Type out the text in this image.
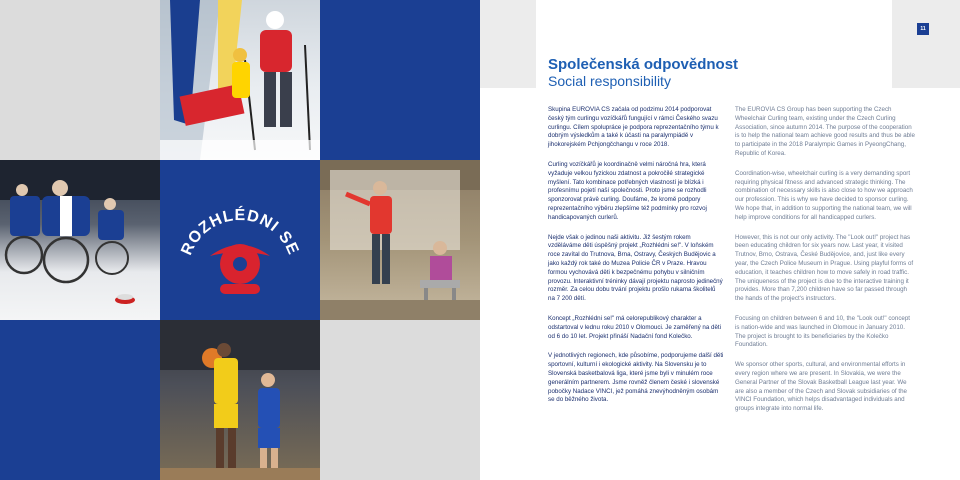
ROZHLÉDNI SE
11
Společenská odpovědnost
Social responsibility

Skupina EUROVIA CS začala od podzimu 2014 podporovat český tým curlingu vozíčkářů fungující v rámci Českého svazu curlingu. Cílem spolupráce je podpora reprezentačního týmu k dobrým výsledkům a také k účasti na paralympiádě v jihokorejském Pchjongčchangu v roce 2018.

Curling vozíčkářů je koordinačně velmi náročná hra, která vyžaduje velkou fyzickou zdatnost a pokročilé strategické myšlení. Tato kombinace potřebných vlastností je blízká i profesnímu pojetí naší společnosti. Proto jsme se rozhodli sponzorovat právě curling. Doufáme, že kromě podpory reprezentačního výběru zlepšíme též podmínky pro rozvoj handicapovaných curlerů.

Nejde však o jedinou naši aktivitu. Již šestým rokem vzděláváme děti úspěšný projekt „Rozhlédni se!". V loňském roce zavítal do Trutnova, Brna, Ostravy, Českých Budějovic a jako každý rok také do Muzea Policie ČR v Praze. Hravou formou vychovává děti k bezpečnému pohybu v silničním provozu. Interaktivní tréninky dávají projektu naprosto jedinečný rozměr. Za celou dobu trvání projektu prošlo rukama školitelů na 7 200 dětí.

Koncept „Rozhlédni se!" má celorepublikový charakter a odstartoval v lednu roku 2010 v Olomouci. Je zaměřený na děti od 6 do 10 let. Projekt přináší Nadační fond Kolečko.

V jednotlivých regionech, kde působíme, podporujeme další děti sportovní, kulturní i ekologické aktivity. Na Slovensku je to Slovenská basketbalová liga, které jsme byli v minulém roce generálním partnerem. Jsme rovněž členem české i slovenské pobočky Nadace VINCI, jež pomáhá znevýhodněným osobám se do běžného života.

The EUROVIA CS Group has been supporting the Czech Wheelchair Curling team, existing under the Czech Curling Association, since autumn 2014. The purpose of the cooperation is to help the national team achieve good results and thus be able to participate in the 2018 Paralympic Games in PyeongChang, Republic of Korea.

Coordination-wise, wheelchair curling is a very demanding sport requiring physical fitness and advanced strategic thinking. The combination of necessary skills is also close to how we approach our profession. This is why we have decided to sponsor curling. We hope that, in addition to supporting the national team, we will help improve conditions for all handicapped curlers.

However, this is not our only activity. The "Look out!" project has been educating children for six years now. Last year, it visited Trutnov, Brno, Ostrava, České Budějovice, and, just like every year, the Czech Police Museum in Prague. Using playful forms of education, it teaches children how to move safely in road traffic. The uniqueness of the project is due to the interactive training it provides. More than 7,200 children have so far passed through the hands of the project's instructors.

Focusing on children between 6 and 10, the "Look out!" concept is nation-wide and was launched in Olomouc in January 2010. The project is brought to its beneficiaries by the Kolečko Foundation.

We sponsor other sports, cultural, and environmental efforts in every region where we are present. In Slovakia, we were the General Partner of the Slovak Basketball League last year. We are also a member of the Czech and Slovak subsidiaries of the VINCI Foundation, which helps disadvantaged individuals and groups integrate into normal life.
